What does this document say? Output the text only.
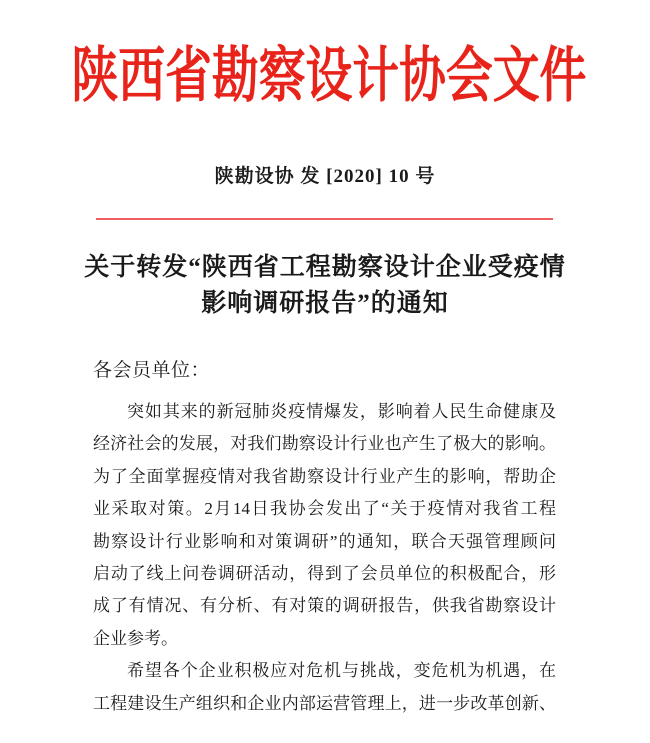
陕西省勘察设计协会文件
陕勘设协 发 [2020] 10 号
关于转发“陕西省工程勘察设计企业受疫情
影响调研报告”的通知
各会员单位：
突如其来的新冠肺炎疫情爆发，影响着人民生命健康及
经济社会的发展，对我们勘察设计行业也产生了极大的影响。
为了全面掌握疫情对我省勘察设计行业产生的影响，帮助企
业采取对策。2月14日我协会发出了“关于疫情对我省工程
勘察设计行业影响和对策调研”的通知，联合天强管理顾问
启动了线上问卷调研活动，得到了会员单位的积极配合，形
成了有情况、有分析、有对策的调研报告，供我省勘察设计
企业参考。
希望各个企业积极应对危机与挑战，变危机为机遇，在
工程建设生产组织和企业内部运营管理上，进一步改革创新、
